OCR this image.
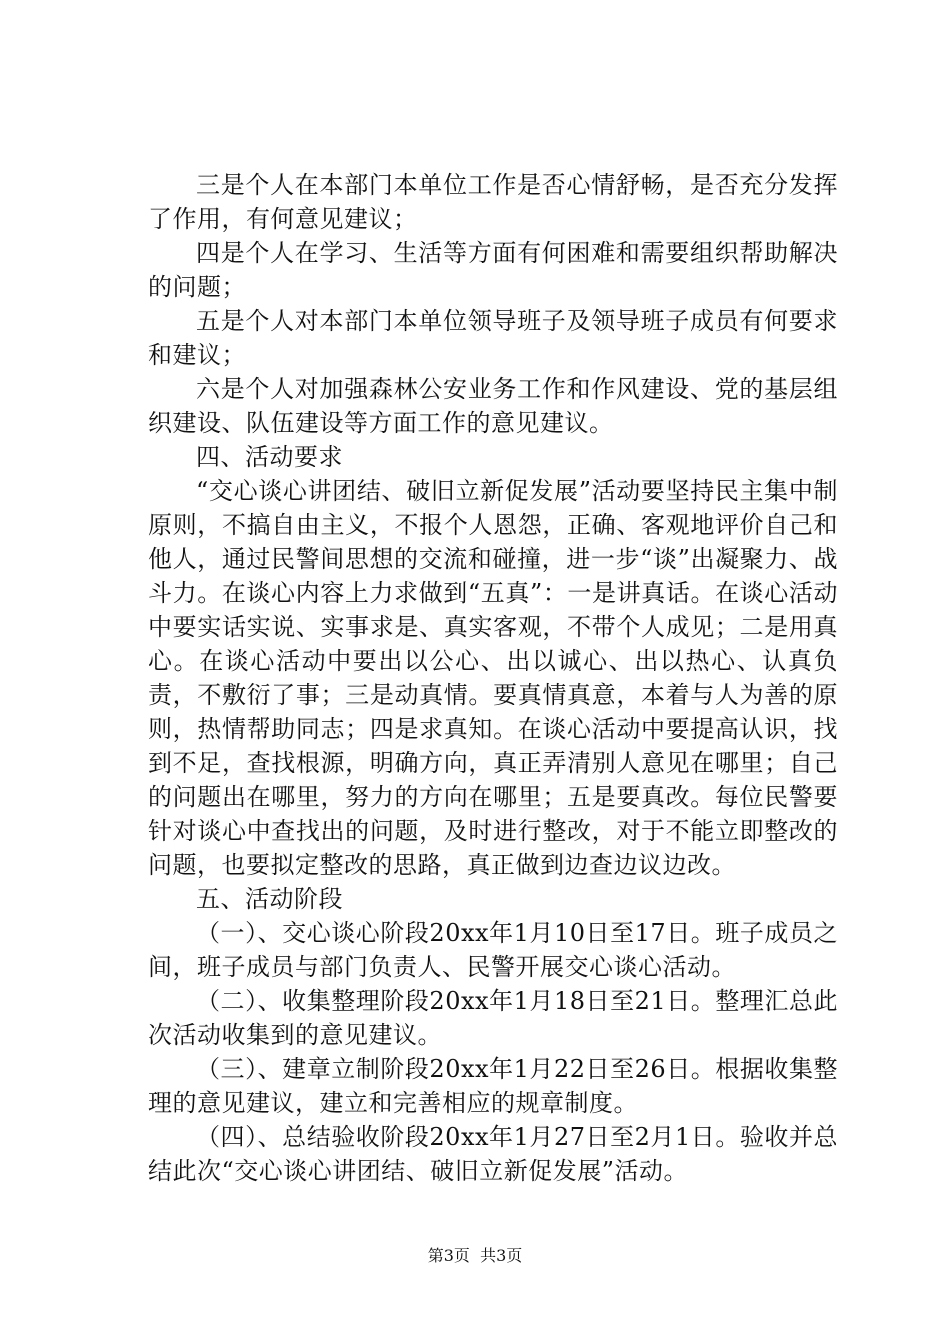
三是个人在本部门本单位工作是否心情舒畅，是否充分发挥了作用，有何意见建议；

四是个人在学习、生活等方面有何困难和需要组织帮助解决的问题；

五是个人对本部门本单位领导班子及领导班子成员有何要求和建议；

六是个人对加强森林公安业务工作和作风建设、党的基层组织建设、队伍建设等方面工作的意见建议。

四、活动要求

“交心谈心讲团结、破旧立新促发展”活动要坚持民主集中制原则，不搞自由主义，不报个人恩怨，正确、客观地评价自己和他人，通过民警间思想的交流和碰撞，进一步“谈”出凝聚力、战斗力。在谈心内容上力求做到“五真”：一是讲真话。在谈心活动中要实话实说、实事求是、真实客观，不带个人成见；二是用真心。在谈心活动中要出以公心、出以诚心、出以热心、认真负责，不敷衍了事；三是动真情。要真情真意，本着与人为善的原则，热情帮助同志；四是求真知。在谈心活动中要提高认识，找到不足，查找根源，明确方向，真正弄清别人意见在哪里；自己的问题出在哪里，努力的方向在哪里；五是要真改。每位民警要针对谈心中查找出的问题，及时进行整改，对于不能立即整改的问题，也要拟定整改的思路，真正做到边查边议边改。

五、活动阶段

（一）、交心谈心阶段20xx年1月10日至17日。班子成员之间，班子成员与部门负责人、民警开展交心谈心活动。

（二）、收集整理阶段20xx年1月18日至21日。整理汇总此次活动收集到的意见建议。

（三）、建章立制阶段20xx年1月22日至26日。根据收集整理的意见建议，建立和完善相应的规章制度。

（四）、总结验收阶段20xx年1月27日至2月1日。验收并总结此次“交心谈心讲团结、破旧立新促发展”活动。

第3页  共3页
